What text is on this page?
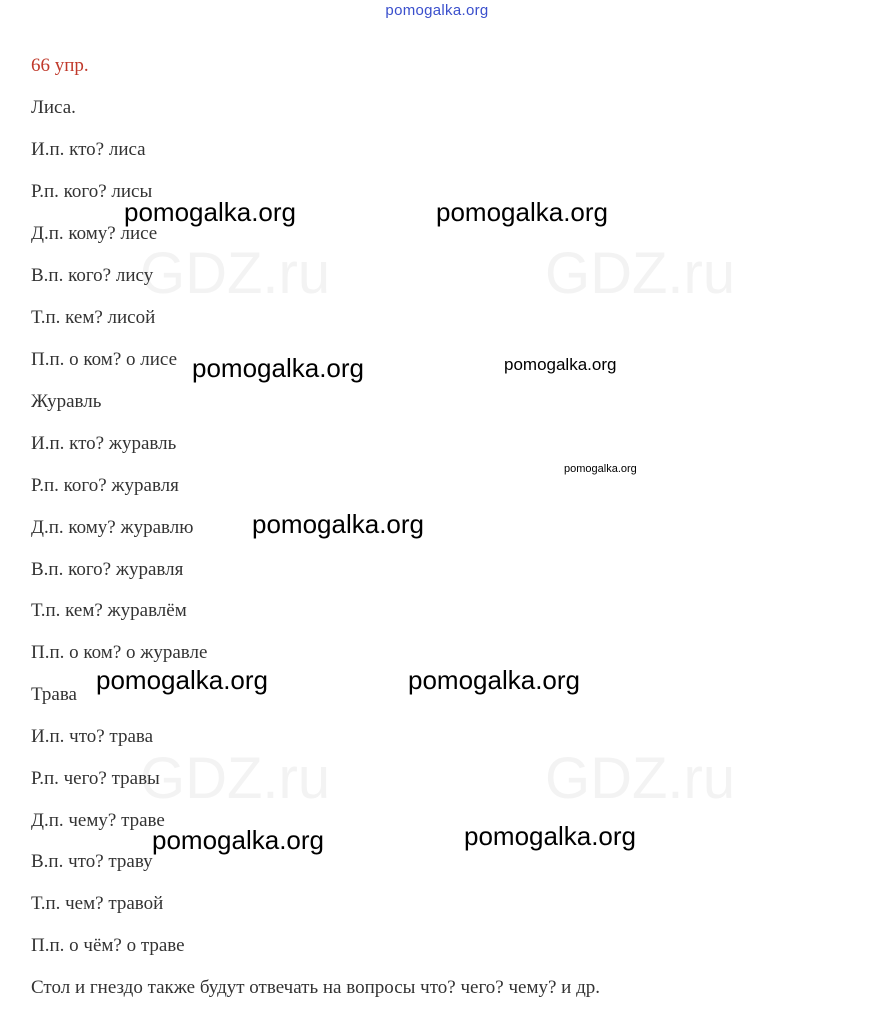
pomogalka.org
66 упр.
GDZ.ru	GDZ.ru
GDZ.ru	GDZ.ru
Лиса.
И.п. кто? лиса
Р.п. кого? лисы
Д.п. кому? лисе
В.п. кого? лису
Т.п. кем? лисой
П.п. о ком? о лисе
Журавль
И.п. кто? журавль
Р.п. кого? журавля
Д.п. кому? журавлю
В.п. кого? журавля
Т.п. кем? журавлём
П.п. о ком? о журавле
Трава
И.п. что? трава
Р.п. чего? травы
Д.п. чему? траве
В.п. что? траву
Т.п. чем? травой
П.п. о чём? о траве
Стол и гнездо также будут отвечать на вопросы что? чего? чему? и др.
pomogalka.org	pomogalka.org
pomogalka.org	pomogalka.org
pomogalka.org
pomogalka.org
pomogalka.org	pomogalka.org
pomogalka.org	pomogalka.org
